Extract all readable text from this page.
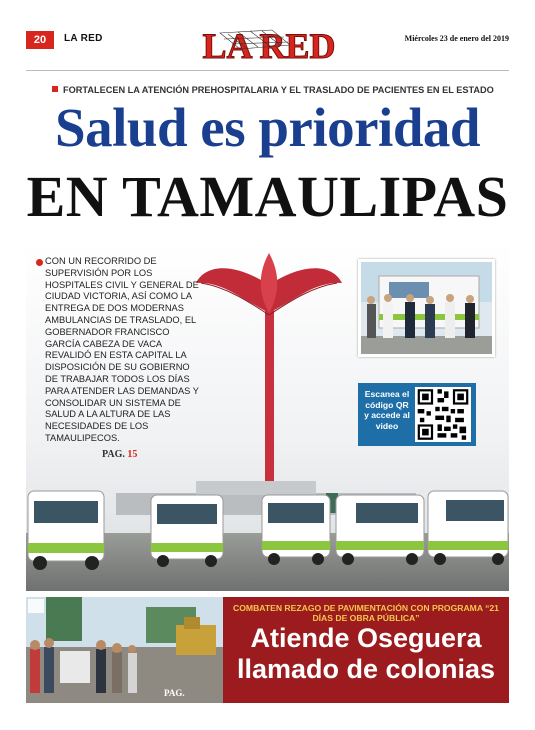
20	LA RED	LA RED	Miércoles 23 de enero del 2019
FORTALECEN LA ATENCIÓN PREHOSPITALARIA Y EL TRASLADO DE PACIENTES EN EL ESTADO
Salud es prioridad
EN TAMAULIPAS
CON UN RECORRIDO DE SUPERVISIÓN POR LOS HOSPITALES CIVIL Y GENERAL DE CIUDAD VICTORIA, ASÍ COMO LA ENTREGA DE DOS MODERNAS AMBULANCIAS DE TRASLADO, EL GOBERNADOR FRANCISCO GARCÍA CABEZA DE VACA REVALIDÓ EN ESTA CAPITAL LA DISPOSICIÓN DE SU GOBIERNO DE TRABAJAR TODOS LOS DÍAS PARA ATENDER LAS DEMANDAS Y CONSOLIDAR UN SISTEMA DE SALUD A LA ALTURA DE LAS NECESIDADES DE LOS TAMAULIPECOS.
PAG. 15
Escanea el código QR y accede al video
COMBATEN REZAGO DE PAVIMENTACIÓN CON PROGRAMA “21 DÍAS DE OBRA PÚBLICA”
Atiende Oseguera llamado de colonias
PAG.
